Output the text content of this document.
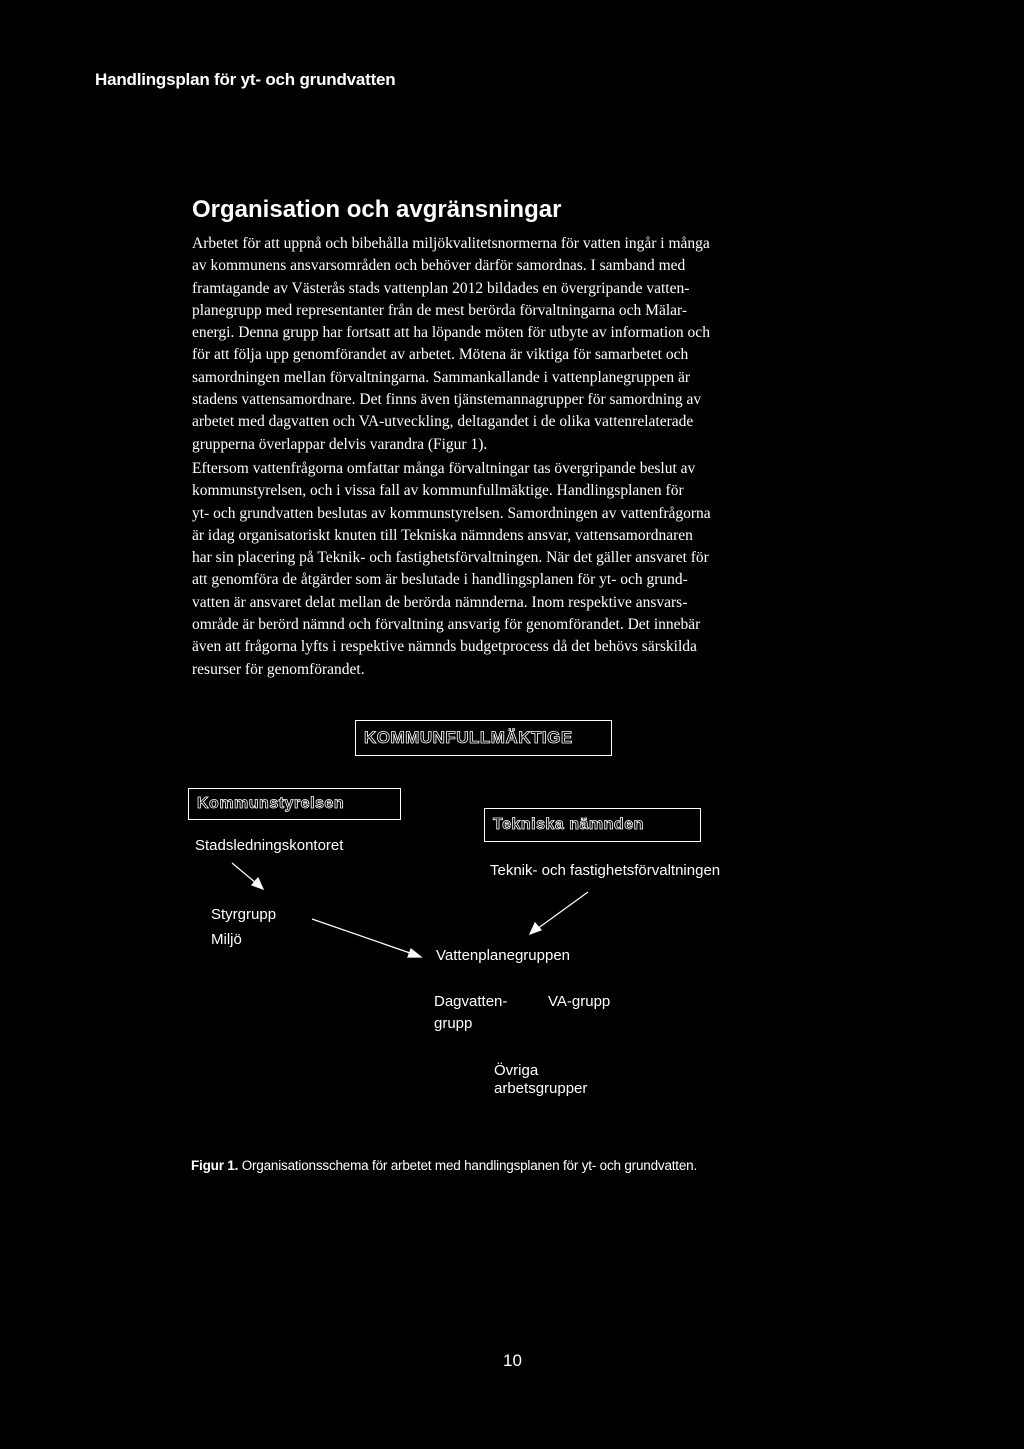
Handlingsplan för yt- och grundvatten
Organisation och avgränsningar

Arbetet för att uppnå och bibehålla miljökvalitetsnormerna för vatten ingår i många
av kommunens ansvarsområden och behöver därför samordnas. I samband med
framtagande av Västerås stads vattenplan 2012 bildades en övergripande vatten-
planegrupp med representanter från de mest berörda förvaltningarna och Mälar-
energi. Denna grupp har fortsatt att ha löpande möten för utbyte av information och
för att följa upp genomförandet av arbetet. Mötena är viktiga för samarbetet och
samordningen mellan förvaltningarna. Sammankallande i vattenplanegruppen är
stadens vattensamordnare. Det finns även tjänstemannagrupper för samordning av
arbetet med dagvatten och VA-utveckling, deltagandet i de olika vattenrelaterade
grupperna överlappar delvis varandra (Figur 1).

Eftersom vattenfrågorna omfattar många förvaltningar tas övergripande beslut av
kommunstyrelsen, och i vissa fall av kommunfullmäktige. Handlingsplanen för
yt- och grundvatten beslutas av kommunstyrelsen. Samordningen av vattenfrågorna
är idag organisatoriskt knuten till Tekniska nämndens ansvar, vattensamordnaren
har sin placering på Teknik- och fastighetsförvaltningen. När det gäller ansvaret för
att genomföra de åtgärder som är beslutade i handlingsplanen för yt- och grund-
vatten är ansvaret delat mellan de berörda nämnderna. Inom respektive ansvars-
område är berörd nämnd och förvaltning ansvarig för genomförandet. Det innebär
även att frågorna lyfts i respektive nämnds budgetprocess då det behövs särskilda
resurser för genomförandet.

KOMMUNFULLMÄKTIGE
Kommunstyrelsen
Tekniska nämnden
Stadsledningskontoret
Teknik- och fastighetsförvaltningen
Styrgrupp
Miljö
Vattenplanegruppen
Dagvatten-
grupp
VA-grupp
Övriga
arbetsgrupper
Figur 1. Organisationsschema för arbetet med handlingsplanen för yt- och grundvatten.
10
